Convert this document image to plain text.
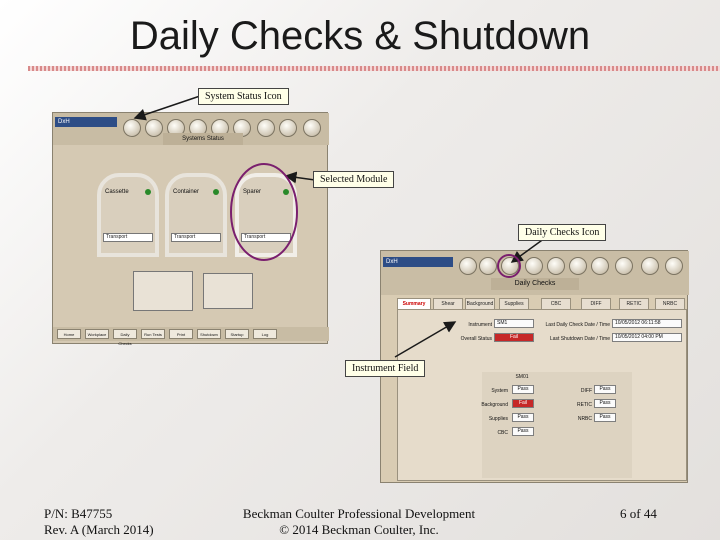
Daily Checks & Shutdown
DxH
Systems Status
Cassette
Transport
Container
Transport
Sparer
Transport
Home	Workplace	Daily Checks
Run Tests	Print	Shutdown	Startup	Log
DxH
Daily Checks
Summary	Shear	Background	Supplies	CBC	DIFF	RETIC	NRBC
Instrument	SM1
Overall Status	Fail
Last Daily Check Date / Time	10/05/2012 06:11:58
Last Shutdown Date / Time	10/05/2012 04:00 PM
SM01
System	Pass
Background	Fail
Supplies	Pass
CBC	Pass
DIFF	Pass
RETIC	Pass
NRBC	Pass
System Status Icon
Selected Module
Daily Checks Icon
Instrument Field
P/N: B47755
Rev. A (March 2014)
Beckman Coulter Professional Development
© 2014 Beckman Coulter, Inc.
6 of 44
